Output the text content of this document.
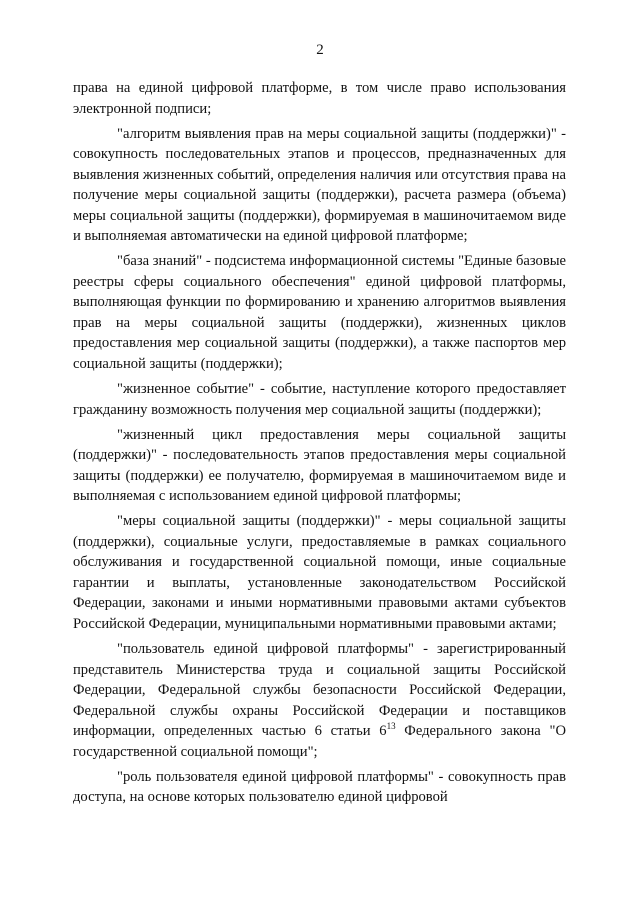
2

права на единой цифровой платформе, в том числе право использования электронной подписи;

"алгоритм выявления прав на меры социальной защиты (поддержки)" - совокупность последовательных этапов и процессов, предназначенных для выявления жизненных событий, определения наличия или отсутствия права на получение меры социальной защиты (поддержки), расчета размера (объема) меры социальной защиты (поддержки), формируемая в машиночитаемом виде и выполняемая автоматически на единой цифровой платформе;

"база знаний" - подсистема информационной системы "Единые базовые реестры сферы социального обеспечения" единой цифровой платформы, выполняющая функции по формированию и хранению алгоритмов выявления прав на меры социальной защиты (поддержки), жизненных циклов предоставления мер социальной защиты (поддержки), а также паспортов мер социальной защиты (поддержки);

"жизненное событие" - событие, наступление которого предоставляет гражданину возможность получения мер социальной защиты (поддержки);

"жизненный цикл предоставления меры социальной защиты (поддержки)" - последовательность этапов предоставления меры социальной защиты (поддержки) ее получателю, формируемая в машиночитаемом виде и выполняемая с использованием единой цифровой платформы;

"меры социальной защиты (поддержки)" - меры социальной защиты (поддержки), социальные услуги, предоставляемые в рамках социального обслуживания и государственной социальной помощи, иные социальные гарантии и выплаты, установленные законодательством Российской Федерации, законами и иными нормативными правовыми актами субъектов Российской Федерации, муниципальными нормативными правовыми актами;

"пользователь единой цифровой платформы" - зарегистрированный представитель Министерства труда и социальной защиты Российской Федерации, Федеральной службы безопасности Российской Федерации, Федеральной службы охраны Российской Федерации и поставщиков информации, определенных частью 6 статьи $6^{13}$ Федерального закона "О государственной социальной помощи";

"роль пользователя единой цифровой платформы" - совокупность прав доступа, на основе которых пользователю единой цифровой
